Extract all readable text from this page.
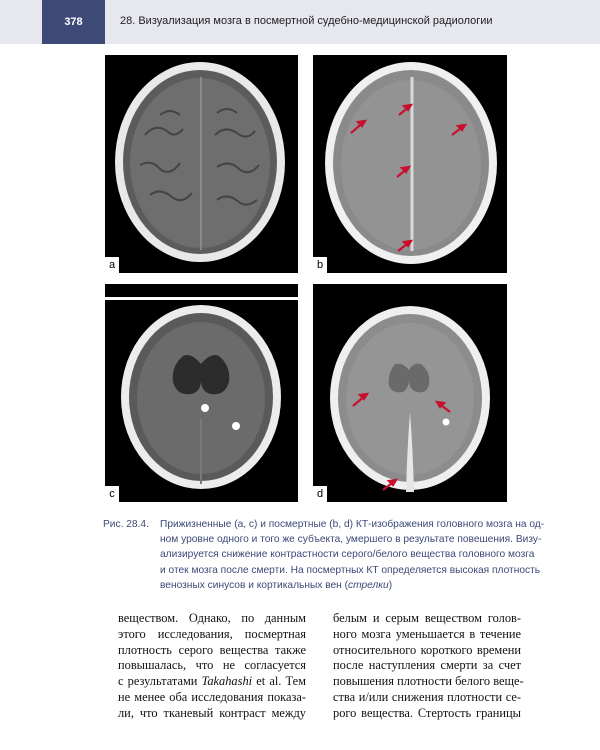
378	28. Визуализация мозга в посмертной судебно-медицинской радиологии
a	b
c	d
Рис. 28.4. Прижизненные (a, c) и посмертные (b, d) КТ-изображения головного мозга на од-
ном уровне одного и того же субъекта, умершего в результате повешения. Визу-
ализируется снижение контрастности серого/белого вещества головного мозга
и отек мозга после смерти. На посмертных КТ определяется высокая плотность
венозных синусов и кортикальных вен (стрелки)
веществом. Однако, по данным
этого исследования, посмертная
плотность серого вещества также
повышалась, что не согласуется
с результатами Takahashi et al. Тем
не менее оба исследования показа-
ли, что тканевый контраст между
белым и серым веществом голов-
ного мозга уменьшается в течение
относительного короткого времени
после наступления смерти за счет
повышения плотности белого веще-
ства и/или снижения плотности се-
рого вещества. Стертость границы
